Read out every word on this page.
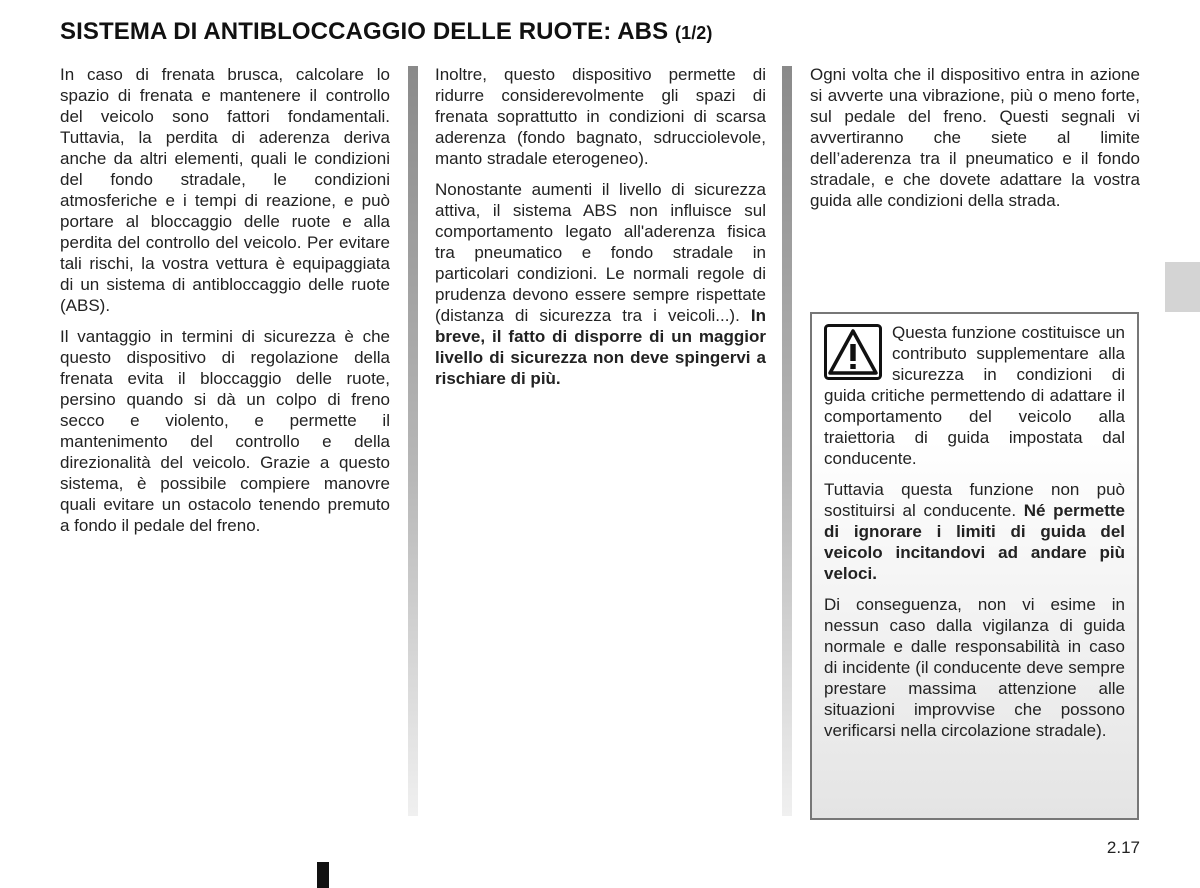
SISTEMA DI ANTIBLOCCAGGIO DELLE RUOTE: ABS (1/2)

In caso di frenata brusca, calcolare lo spazio di frenata e mantenere il controllo del veicolo sono fattori fondamentali. Tuttavia, la perdita di aderenza deriva anche da altri elementi, quali le condizioni del fondo stradale, le condizioni atmosferiche e i tempi di reazione, e può portare al bloccaggio delle ruote e alla perdita del controllo del veicolo. Per evitare tali rischi, la vostra vettura è equipaggiata di un sistema di antibloccaggio delle ruote (ABS).

Il vantaggio in termini di sicurezza è che questo dispositivo di regolazione della frenata evita il bloccaggio delle ruote, persino quando si dà un colpo di freno secco e violento, e permette il mantenimento del controllo e della direzionalità del veicolo. Grazie a questo sistema, è possibile compiere manovre quali evitare un ostacolo tenendo premuto a fondo il pedale del freno.

Inoltre, questo dispositivo permette di ridurre considerevolmente gli spazi di frenata soprattutto in condizioni di scarsa aderenza (fondo bagnato, sdrucciolevole, manto stradale eterogeneo).

Nonostante aumenti il livello di sicurezza attiva, il sistema ABS non influisce sul comportamento legato all'aderenza fisica tra pneumatico e fondo stradale in particolari condizioni. Le normali regole di prudenza devono essere sempre rispettate (distanza di sicurezza tra i veicoli...). In breve, il fatto di disporre di un maggior livello di sicurezza non deve spingervi a rischiare di più.

Ogni volta che il dispositivo entra in azione si avverte una vibrazione, più o meno forte, sul pedale del freno. Questi segnali vi avvertiranno che siete al limite dell’aderenza tra il pneumatico e il fondo stradale, e che dovete adattare la vostra guida alle condizioni della strada.

Questa funzione costituisce un contributo supplementare alla sicurezza in condizioni di guida critiche permettendo di adattare il comportamento del veicolo alla traiettoria di guida impostata dal conducente.

Tuttavia questa funzione non può sostituirsi al conducente. Né permette di ignorare i limiti di guida del veicolo incitandovi ad andare più veloci.

Di conseguenza, non vi esime in nessun caso dalla vigilanza di guida normale e dalle responsabilità in caso di incidente (il conducente deve sempre prestare massima attenzione alle situazioni improvvise che possono verificarsi nella circolazione stradale).

2.17
